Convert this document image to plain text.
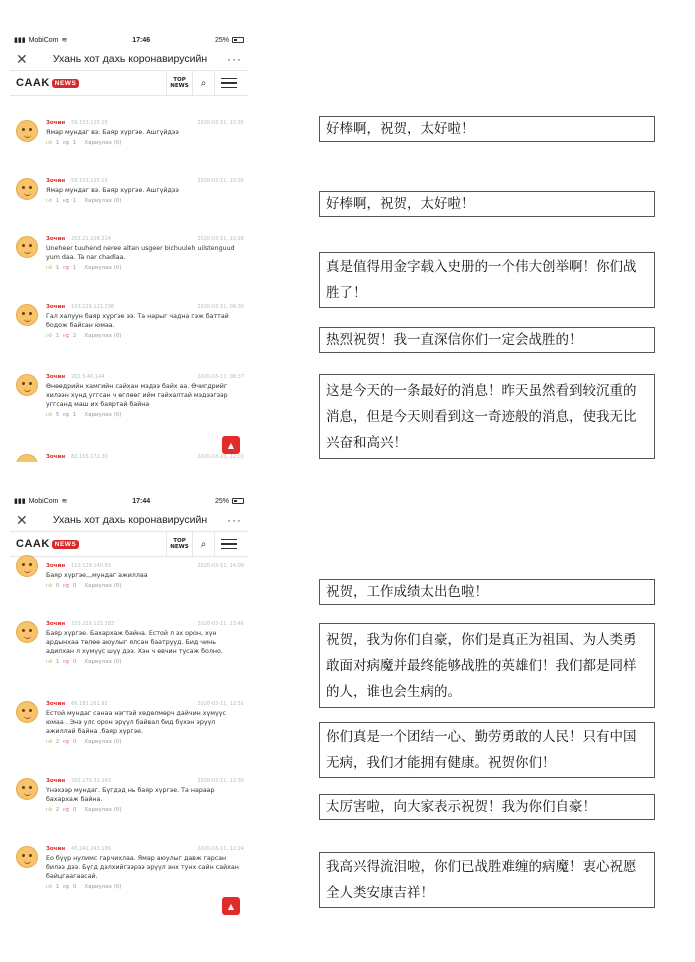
▮▮▮ MobiCom ≋	17:46	25%
✕	Ухань хот дахь коронавирусийн	···
CAAK NEWS	TOP NEWS	⌕
Зочин 59.153.115.15	2020-03-11, 10:35
Ямар мундаг вэ. Баяр хүргэе. Ашгүйдээ
👍︎ 1 👎︎ 1 Хариулах (0)
Зочин 59.153.115.15	2020-03-11, 10:35
Ямар мундаг вэ. Баяр хүргэе. Ашгүйдээ
👍︎ 1 👎︎ 1 Хариулах (0)
Зочин 202.21.108.214	2020-03-11, 10:28
Uneheer tuuhend neree altan usgeer bichuuleh uilstenguud yum daa. Ta nar chadlaa.
👍︎ 1 👎︎ 1 Хариулах (0)
Зочин 103.229.121.238	2020-03-11, 09:30
Гал халуун баяр хүргэе ээ. Та нарыг чадна гэж баттай бодож байсан юмаа.
👍︎ 1 👎︎ 2 Хариулах (0)
Зочин 202.5.40.144	2020-03-11, 08:37
Өнөөдрийн хамгийн сайхан мэдээ байх аа. Өчигдрийг хилээн хүнд уггсан ч өглөөг ийм гайхалтай мэдээгээр уггсанд маш их баяртай байна
👍︎ 5 👎︎ 1 Хариулах (0)
Зочин 82.165.172.30	2020-03-10, 22:01
▲
▮▮▮ MobiCom ≋	17:44	25%
✕	Ухань хот дахь коронавирусийн	···
CAAK NEWS	TOP NEWS	⌕
Зочин 110.129.140.93	2020-03-11, 14:09
Баяр хүргэе,,,мундаг ажиллаа
👍︎ 0 👎︎ 0 Хариулах (0)
Зочин 103.229.123.183	2020-03-11, 13:46
Баяр хүргэе. Бахархаж байна. Естой л эх орон, хүн ардынхаа төлөө аюулыг ялсан баатрууд. Бид чинь адилхан л хүмүүс шүү дээ. Хэн ч өвчин тусаж болно.
👍︎ 1 👎︎ 0 Хариулах (0)
Зочин 66.181.161.92	2020-03-11, 12:51
Естой мундаг санаа нэгтэй хөдөлмөрч дайчин хүмүүс юмаа . Энэ улс орон эрүүл байвал бид бүхэн эрүүл ажиллай байна .баяр хүргэе.
👍︎ 2 👎︎ 0 Хариулах (0)
Зочин 202.179.31.242	2020-03-11, 12:30
Үнэхээр мундаг. Бүгдэд нь баяр хүргэе. Та нараар бахархаж байна.
👍︎ 2 👎︎ 0 Хариулах (0)
Зочин 43.242.243.196	2020-03-11, 12:24
Ео бүүр нулимс гарчихлаа. Ямар аюулыг давж гарсан билээ дээ. Бүгд дэлхийгээрээ эрүүл энх тунх сайн сайхан байцгаагаасай.
👍︎ 1 👎︎ 0 Хариулах (0)
▲
好棒啊，祝贺，太好啦！
好棒啊，祝贺，太好啦！
真是值得用金字载入史册的一个伟大创举啊！你们战胜了！
热烈祝贺！我一直深信你们一定会战胜的！
这是今天的一条最好的消息！昨天虽然看到较沉重的消息，但是今天则看到这一奇迹般的消息，使我无比兴奋和高兴！
祝贺，工作成绩太出色啦！
祝贺，我为你们自豪，你们是真正为祖国、为人类勇敢面对病魔并最终能够战胜的英雄们！我们都是同样的人，谁也会生病的。
你们真是一个团结一心、勤劳勇敢的人民！只有中国无病，我们才能拥有健康。祝贺你们！
太厉害啦，向大家表示祝贺！我为你们自豪！
我高兴得流泪啦，你们已战胜难缠的病魔！衷心祝愿全人类安康吉祥！
